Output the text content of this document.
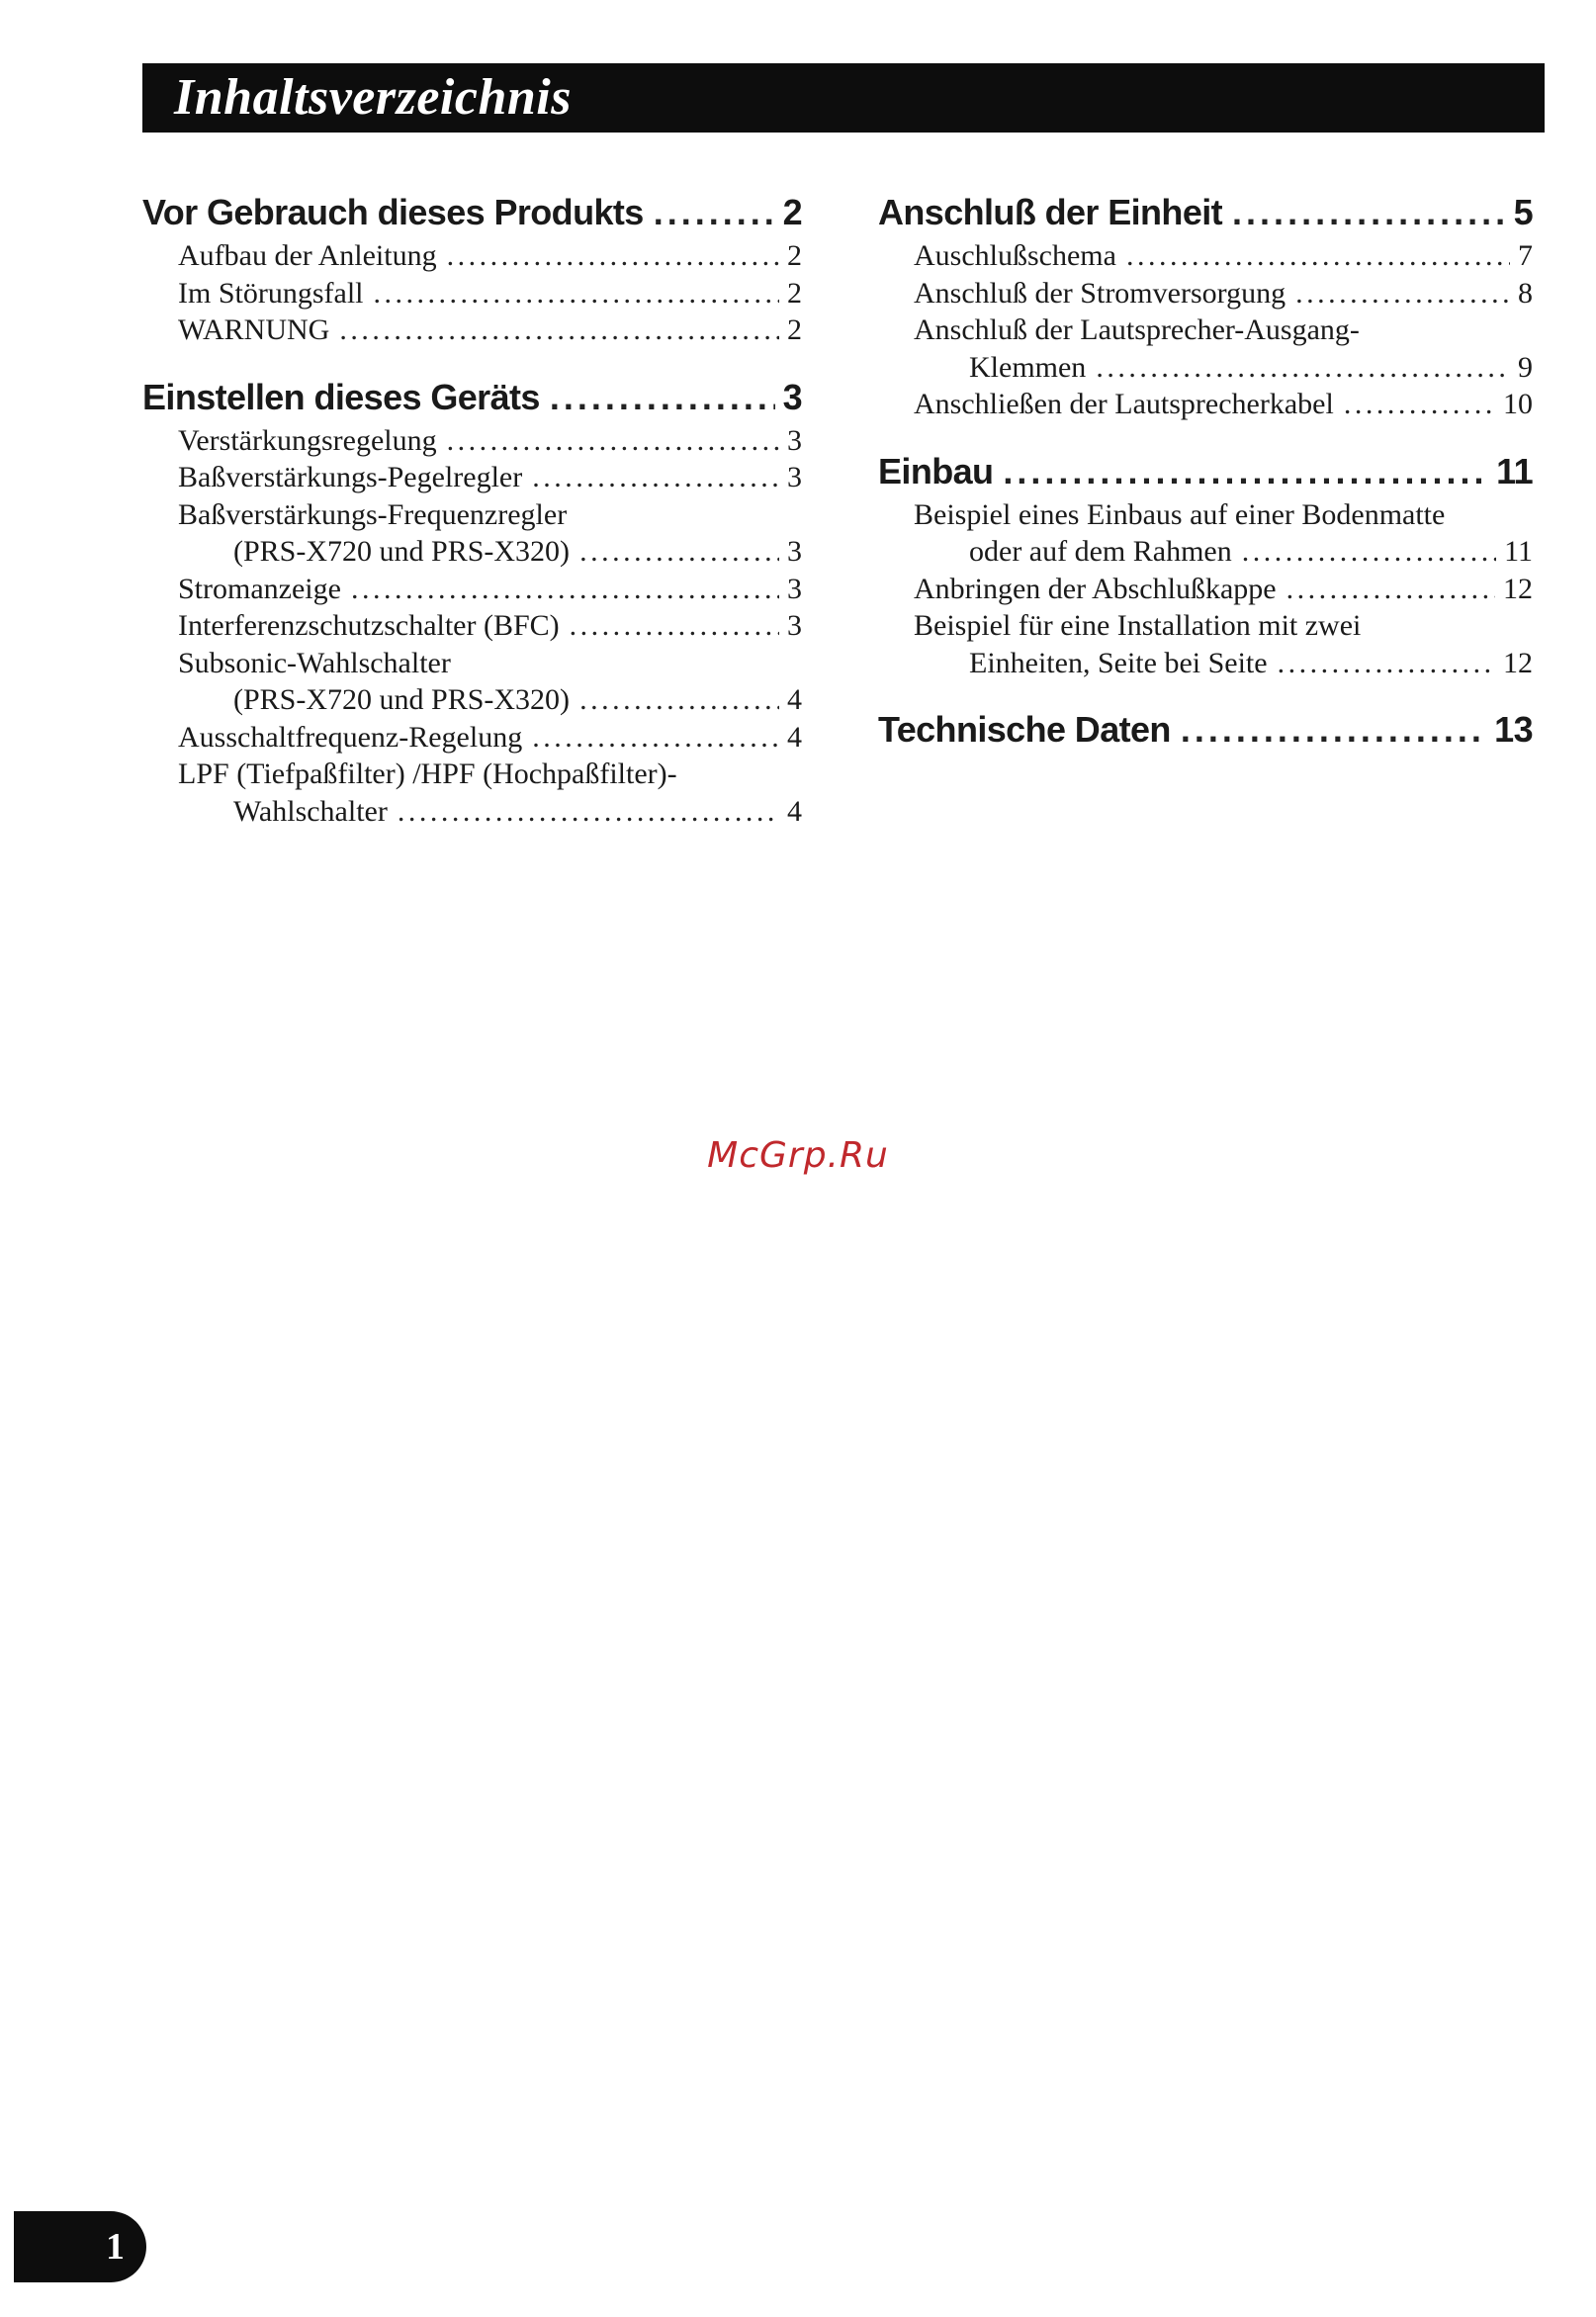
Inhaltsverzeichnis
Vor Gebrauch dieses Produkts . . .	2
Aufbau der Anleitung . . .	2
Im Störungsfall . . .	2
WARNUNG . . .	2
Einstellen dieses Geräts . . .	3
Verstärkungsregelung . . .	3
Baßverstärkungs-Pegelregler . . .	3
Baßverstärkungs-Frequenzregler
(PRS-X720 und PRS-X320) . . .	3
Stromanzeige . . .	3
Interferenzschutzschalter (BFC) . . .	3
Subsonic-Wahlschalter
(PRS-X720 und PRS-X320) . . .	4
Ausschaltfrequenz-Regelung . . .	4
LPF (Tiefpaßfilter) /HPF (Hochpaßfilter)-
Wahlschalter . . .	4
Anschluß der Einheit . . .	5
Auschlußschema . . .	7
Anschluß der Stromversorgung . . .	8
Anschluß der Lautsprecher-Ausgang-
Klemmen . . .	9
Anschließen der Lautsprecherkabel . . .	10
Einbau . . .	11
Beispiel eines Einbaus auf einer Bodenmatte
oder auf dem Rahmen . . .	11
Anbringen der Abschlußkappe . . .	12
Beispiel für eine Installation mit zwei
Einheiten, Seite bei Seite . . .	12
Technische Daten . . .	13
McGrp.Ru
1
